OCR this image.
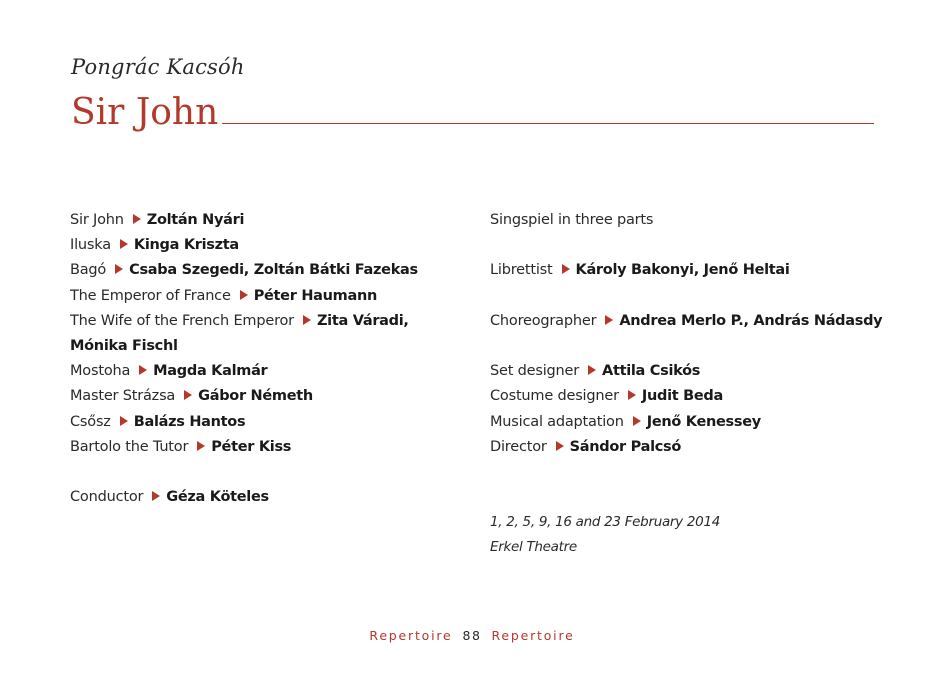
Pongrác Kacsóh
Sir John
Sir John Zoltán Nyári
Iluska Kinga Kriszta
Bagó Csaba Szegedi, Zoltán Bátki Fazekas
The Emperor of France Péter Haumann
The Wife of the French Emperor Zita Váradi,
Mónika Fischl
Mostoha Magda Kalmár
Master Strázsa Gábor Németh
Csősz Balázs Hantos
Bartolo the Tutor Péter Kiss
Conductor Géza Köteles
Singspiel in three parts
Librettist Károly Bakonyi, Jenő Heltai
Choreographer Andrea Merlo P., András Nádasdy
Set designer Attila Csikós
Costume designer Judit Beda
Musical adaptation Jenő Kenessey
Director Sándor Palcsó
1, 2, 5, 9, 16 and 23 February 2014
Erkel Theatre
Repertoire 88 Repertoire
